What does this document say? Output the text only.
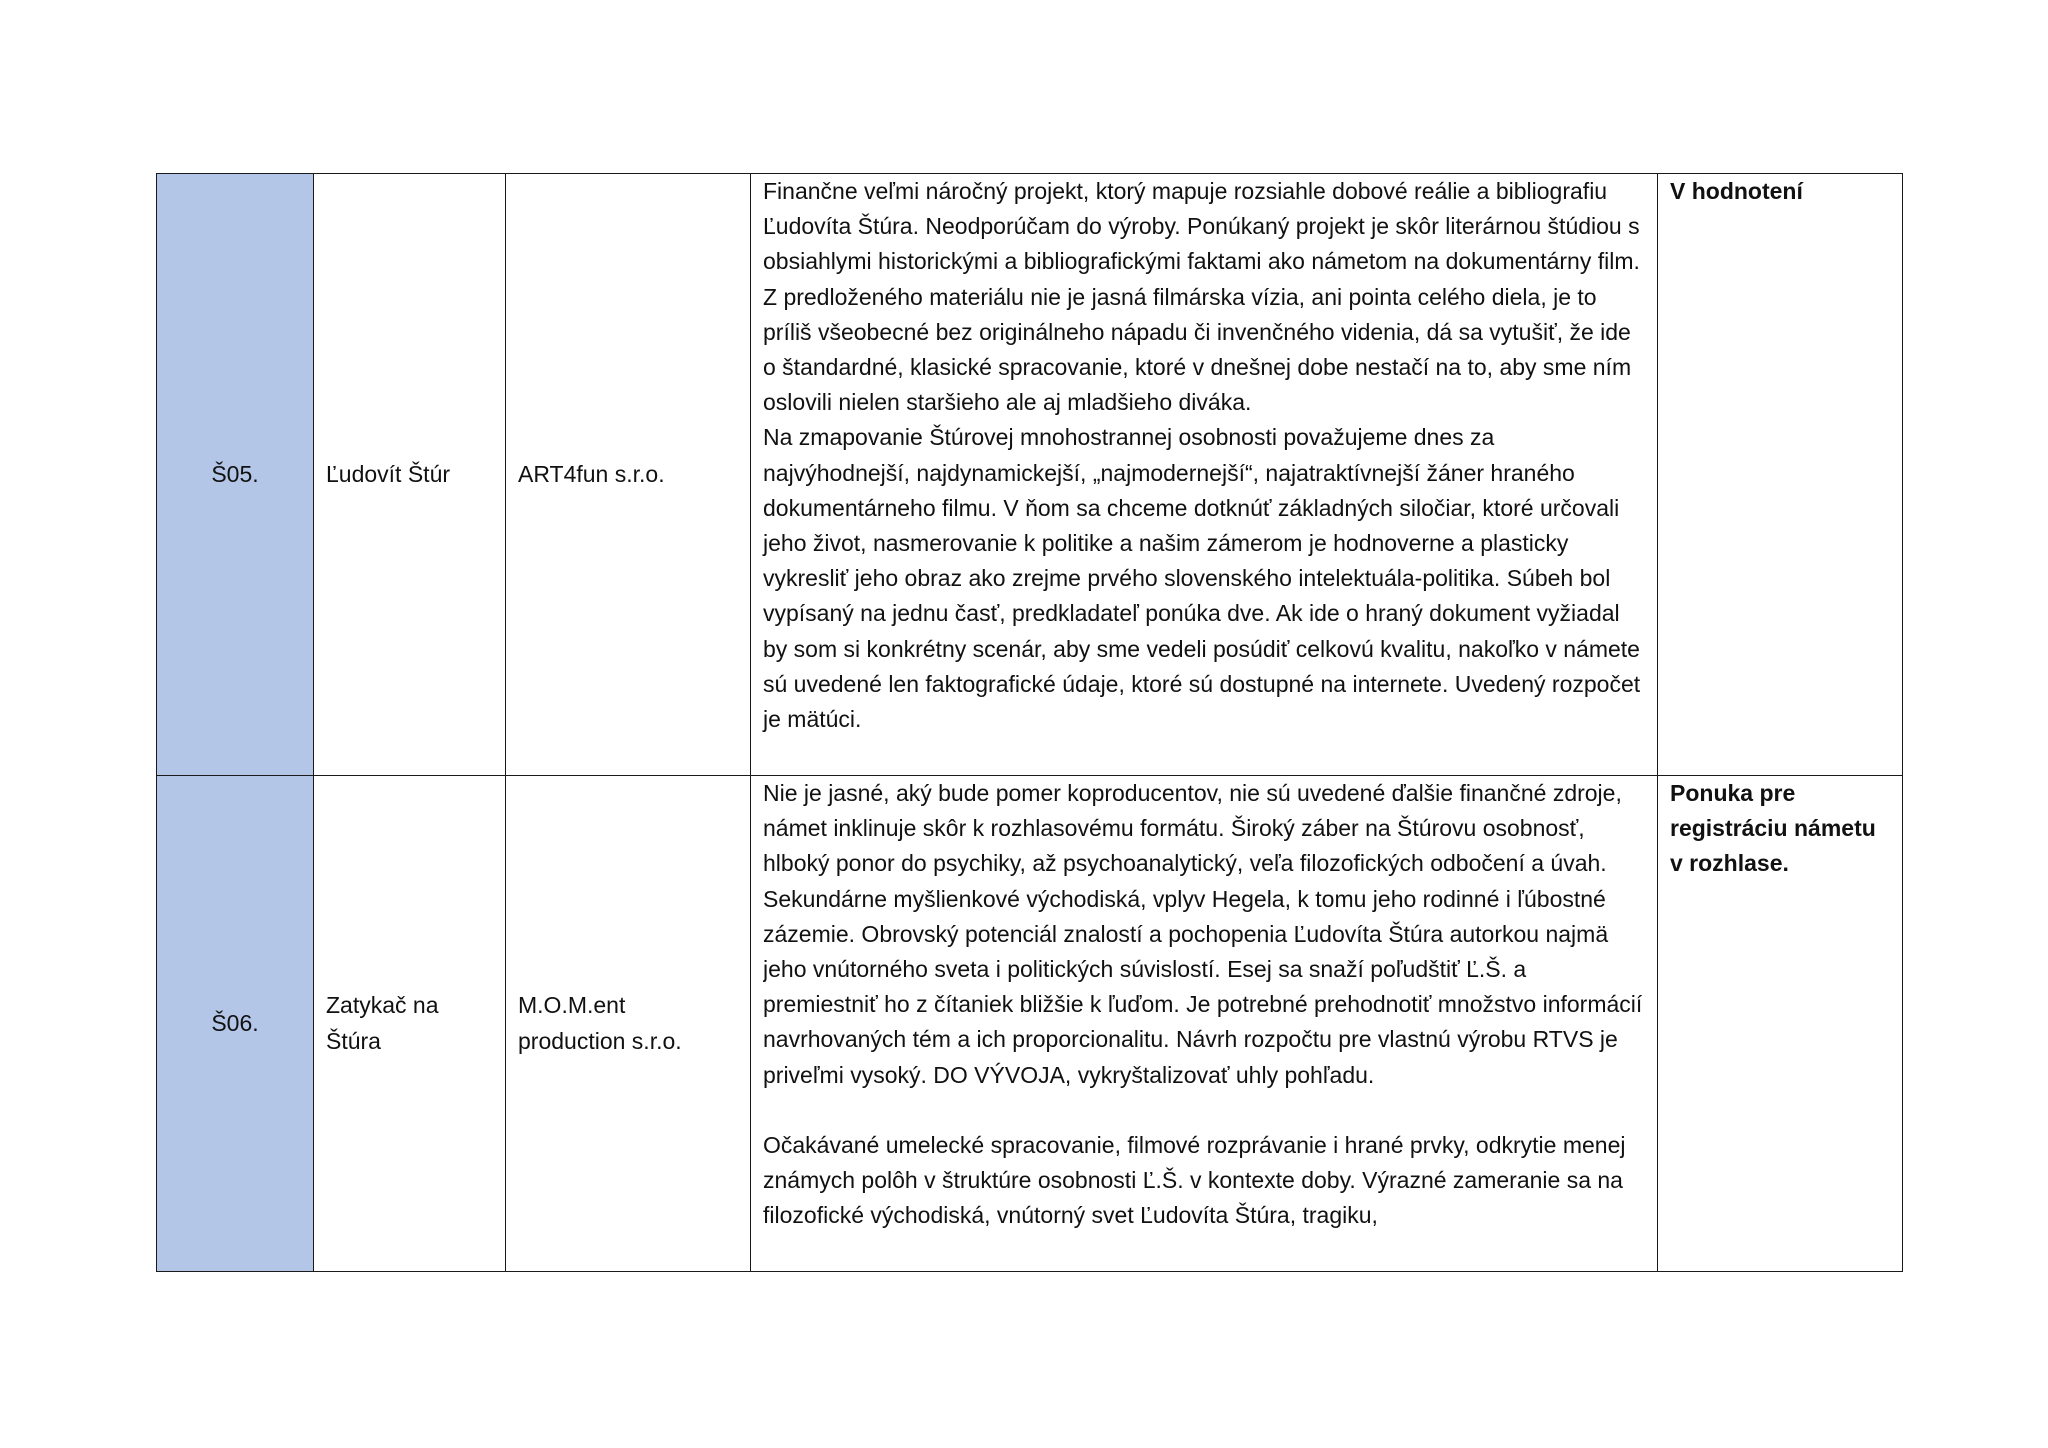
Š05.	Ľudovít Štúr	ART4fun s.r.o.	Finančne veľmi náročný projekt, ktorý mapuje rozsiahle dobové reálie a bibliografiu Ľudovíta Štúra. Neodporúčam do výroby. Ponúkaný projekt je skôr literárnou štúdiou s obsiahlymi historickými a bibliografickými faktami ako námetom na dokumentárny film. Z predloženého materiálu nie je jasná filmárska vízia, ani pointa celého diela, je to príliš všeobecné bez originálneho nápadu či invenčného videnia, dá sa vytušiť, že ide o štandardné, klasické spracovanie, ktoré v dnešnej dobe nestačí na to, aby sme ním oslovili nielen staršieho ale aj mladšieho diváka.

Na zmapovanie Štúrovej mnohostrannej osobnosti považujeme dnes za najvýhodnejší, najdynamickejší, „najmodernejší“, najatraktívnejší žáner hraného dokumentárneho filmu. V ňom sa chceme dotknúť základných siločiar, ktoré určovali jeho život, nasmerovanie k politike a našim zámerom je hodnoverne a plasticky vykresliť jeho obraz ako zrejme prvého slovenského intelektuála-politika. Súbeh bol vypísaný na jednu časť, predkladateľ ponúka dve. Ak ide o hraný dokument vyžiadal by som si konkrétny scenár, aby sme vedeli posúdiť celkovú kvalitu, nakoľko v námete sú uvedené len faktografické údaje, ktoré sú dostupné na internete. Uvedený rozpočet je mätúci.	V hodnotení
Š06.	Zatykač na Štúra	M.O.M.ent production s.r.o.	Nie je jasné, aký bude pomer koproducentov, nie sú uvedené ďalšie finančné zdroje, námet inklinuje skôr k rozhlasovému formátu. Široký záber na Štúrovu osobnosť, hlboký ponor do psychiky, až psychoanalytický, veľa filozofických odbočení a úvah. Sekundárne myšlienkové východiská, vplyv Hegela, k tomu jeho rodinné i ľúbostné zázemie. Obrovský potenciál znalostí a pochopenia Ľudovíta Štúra autorkou najmä jeho vnútorného sveta i politických súvislostí. Esej sa snaží poľudštiť Ľ.Š. a premiestniť ho z čítaniek bližšie k ľuďom. Je potrebné prehodnotiť množstvo informácií navrhovaných tém a ich proporcionalitu. Návrh rozpočtu pre vlastnú výrobu RTVS je priveľmi vysoký. DO VÝVOJA, vykryštalizovať uhly pohľadu.

Očakávané umelecké spracovanie, filmové rozprávanie i hrané prvky, odkrytie menej známych polôh v štruktúre osobnosti Ľ.Š. v kontexte doby. Výrazné zameranie sa na filozofické východiská, vnútorný svet Ľudovíta Štúra, tragiku,	Ponuka pre registráciu námetu v rozhlase.
